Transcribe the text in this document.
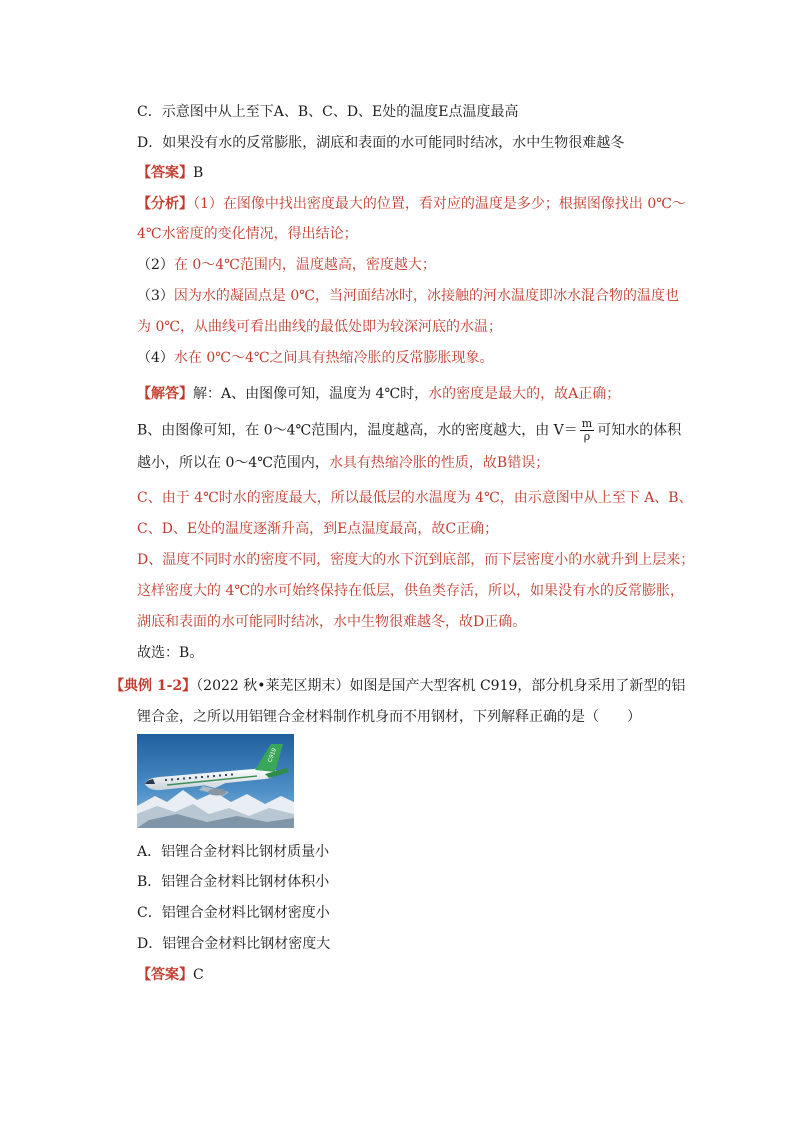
C．示意图中从上至下A、B、C、D、E处的温度E点温度最高
D．如果没有水的反常膨胀，湖底和表面的水可能同时结冰，水中生物很难越冬
【答案】B
【分析】（1）在图像中找出密度最大的位置，看对应的温度是多少；根据图像找出 0℃～
4℃水密度的变化情况，得出结论；
（2）在 0～4℃范围内，温度越高，密度越大；
（3）因为水的凝固点是 0℃，当河面结冰时，冰接触的河水温度即冰水混合物的温度也
为 0℃，从曲线可看出曲线的最低处即为较深河底的水温；
（4）水在 0℃～4℃之间具有热缩冷胀的反常膨胀现象。
【解答】解：A、由图像可知，温度为 4℃时，水的密度是最大的，故A正确；
B、由图像可知，在 0～4℃范围内，温度越高，水的密度越大，由 $V= \frac{m}{\rho}$ 可知水的体积
越小，所以在 0～4℃范围内，水具有热缩冷胀的性质，故B错误；
C、由于 4℃时水的密度最大，所以最低层的水温度为 4℃，由示意图中从上至下 A、B、
C、D、E处的温度逐渐升高，到E点温度最高，故C正确；
D、温度不同时水的密度不同，密度大的水下沉到底部，而下层密度小的水就升到上层来；
这样密度大的 4℃的水可始终保持在低层，供鱼类存活，所以，如果没有水的反常膨胀，
湖底和表面的水可能同时结冰，水中生物很难越冬，故D正确。
故选：B。
【典例 1-2】（2022 秋•莱芜区期末）如图是国产大型客机 C919，部分机身采用了新型的铝
锂合金，之所以用铝锂合金材料制作机身而不用钢材，下列解释正确的是（　　）
C919
A．铝锂合金材料比钢材质量小
B．铝锂合金材料比钢材体积小
C．铝锂合金材料比钢材密度小
D．铝锂合金材料比钢材密度大
【答案】C
